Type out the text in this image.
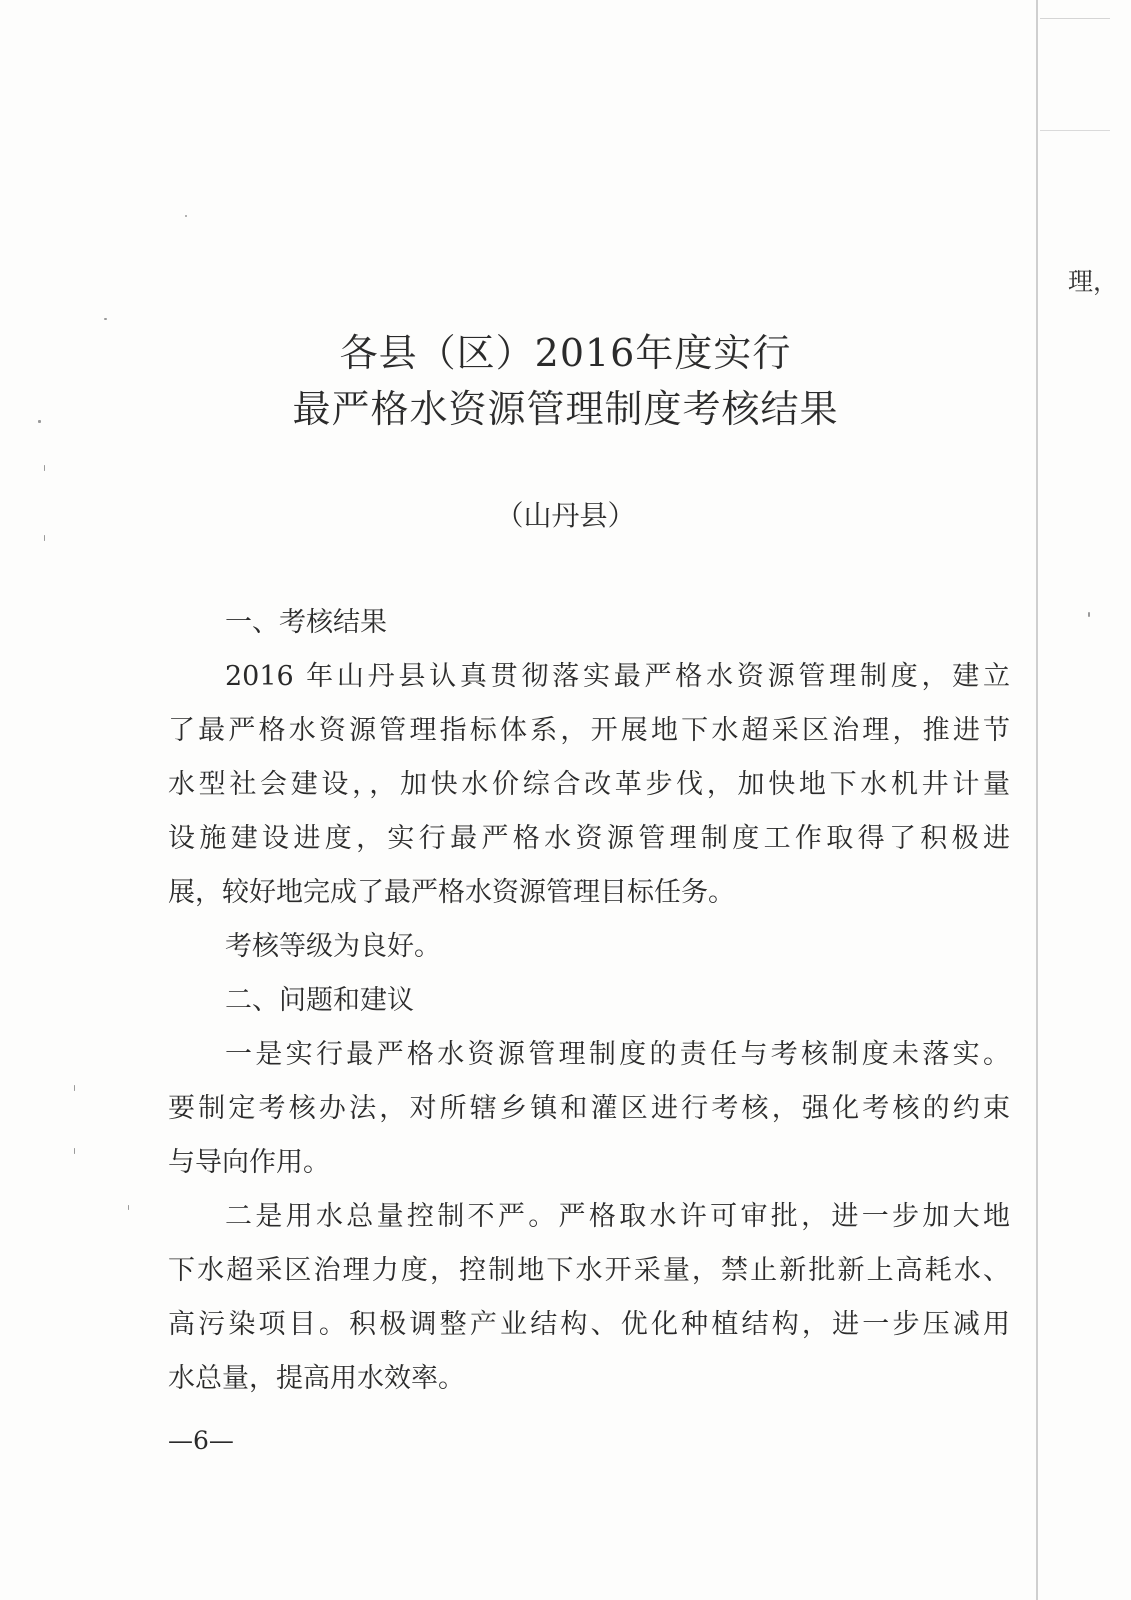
理，
各县（区）2016年度实行
最严格水资源管理制度考核结果
（山丹县）
一、考核结果
2016 年山丹县认真贯彻落实最严格水资源管理制度，建立
了最严格水资源管理指标体系，开展地下水超采区治理，推进节
水型社会建设，，加快水价综合改革步伐，加快地下水机井计量
设施建设进度，实行最严格水资源管理制度工作取得了积极进
展，较好地完成了最严格水资源管理目标任务。
考核等级为良好。
二、问题和建议
一是实行最严格水资源管理制度的责任与考核制度未落实。
要制定考核办法，对所辖乡镇和灌区进行考核，强化考核的约束
与导向作用。
二是用水总量控制不严。严格取水许可审批，进一步加大地
下水超采区治理力度，控制地下水开采量，禁止新批新上高耗水、
高污染项目。积极调整产业结构、优化种植结构，进一步压减用
水总量，提高用水效率。
—6—
